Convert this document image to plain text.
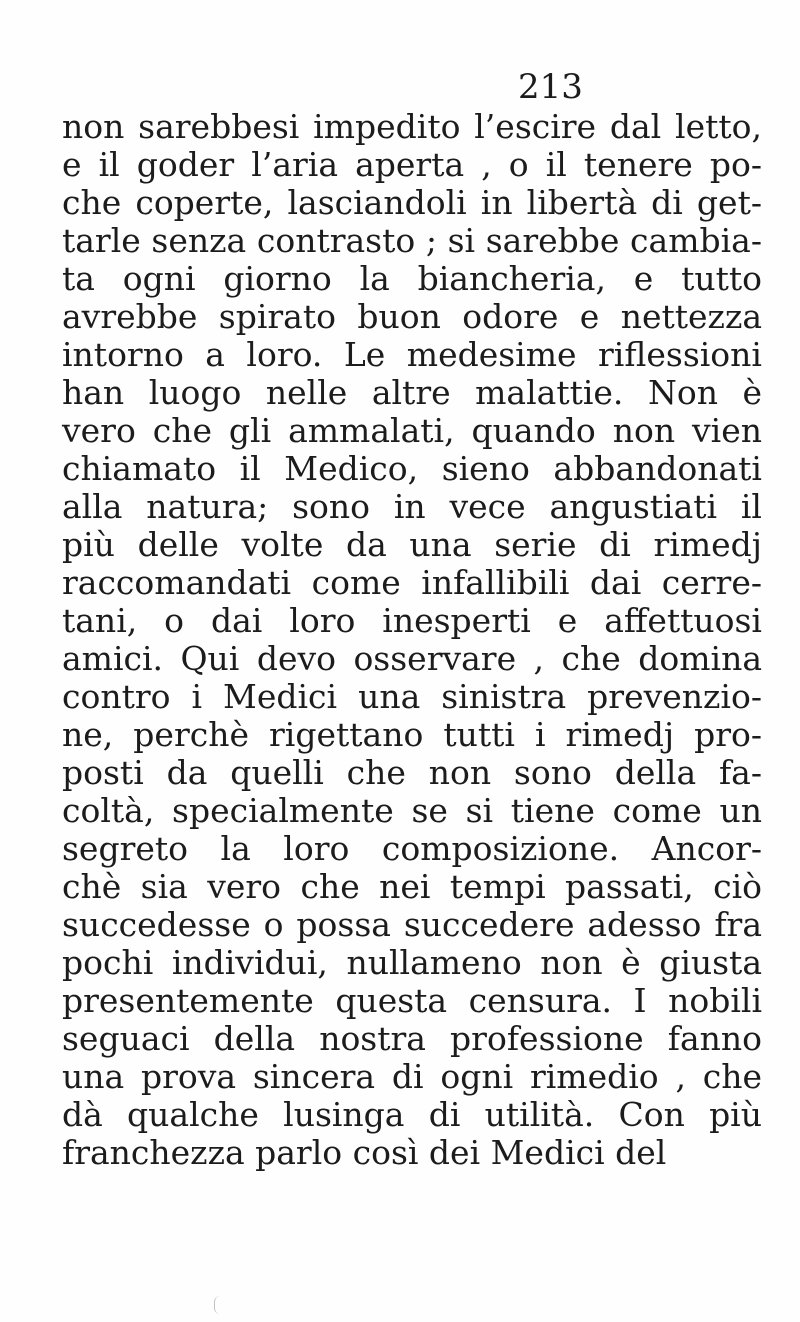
213
non sarebbesi impedito l’escire dal letto,
e il goder l’aria aperta , o il tenere po-
che coperte, lasciandoli in libertà di get-
tarle senza contrasto ; si sarebbe cambia-
ta ogni giorno la biancheria, e tutto
avrebbe spirato buon odore e nettezza
intorno a loro. Le medesime riflessioni
han luogo nelle altre malattie. Non è
vero che gli ammalati, quando non vien
chiamato il Medico, sieno abbandonati
alla natura; sono in vece angustiati il
più delle volte da una serie di rimedj
raccomandati come infallibili dai cerre-
tani, o dai loro inesperti e affettuosi
amici. Qui devo osservare , che domina
contro i Medici una sinistra prevenzio-
ne, perchè rigettano tutti i rimedj pro-
posti da quelli che non sono della fa-
coltà, specialmente se si tiene come un
segreto la loro composizione. Ancor-
chè sia vero che nei tempi passati, ciò
succedesse o possa succedere adesso fra
pochi individui, nullameno non è giusta
presentemente questa censura. I nobili
seguaci della nostra professione fanno
una prova sincera di ogni rimedio , che
dà qualche lusinga di utilità. Con più
franchezza parlo così dei Medici del
